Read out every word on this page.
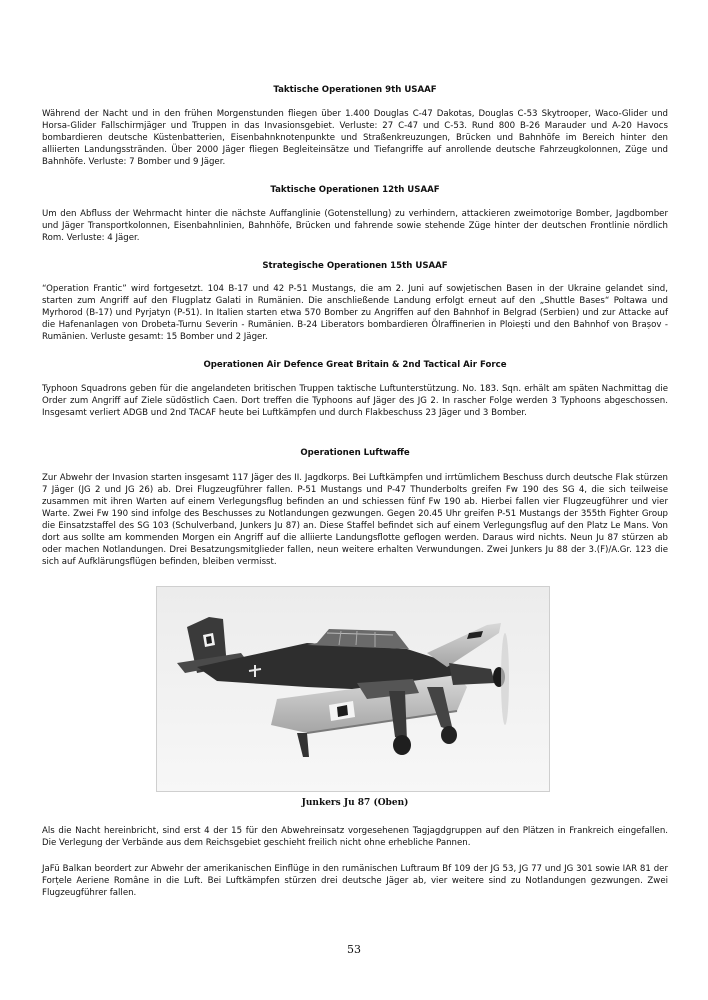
Taktische Operationen 9th USAAF

Während der Nacht und in den frühen Morgenstunden fliegen über 1.400 Douglas C-47 Dakotas, Douglas C-53 Skytrooper, Waco-Glider und Horsa-Glider Fallschirmjäger und Truppen in das Invasionsgebiet. Verluste: 27 C-47 und C-53. Rund 800 B-26 Marauder und A-20 Havocs bombardieren deutsche Küstenbatterien, Eisenbahnknotenpunkte und Straßenkreuzungen, Brücken und Bahnhöfe im Bereich hinter den alliierten Landungsstränden. Über 2000 Jäger fliegen Begleiteinsätze und Tiefangriffe auf anrollende deutsche Fahrzeugkolonnen, Züge und Bahnhöfe. Verluste: 7 Bomber und 9 Jäger.

Taktische Operationen 12th USAAF

Um den Abfluss der Wehrmacht hinter die nächste Auffanglinie (Gotenstellung) zu verhindern, attackieren zweimotorige Bomber, Jagdbomber und Jäger Transportkolonnen, Eisenbahnlinien, Bahnhöfe, Brücken und fahrende sowie stehende Züge hinter der deutschen Frontlinie nördlich Rom. Verluste: 4 Jäger.

Strategische Operationen 15th USAAF

“Operation Frantic” wird fortgesetzt. 104 B-17 und 42 P-51 Mustangs, die am 2. Juni auf sowjetischen Basen in der Ukraine gelandet sind, starten zum Angriff auf den Flugplatz Galati in Rumänien. Die anschließende Landung erfolgt erneut auf den „Shuttle Bases“ Poltawa und Myrhorod (B-17) und Pyrjatyn (P-51). In Italien starten etwa 570 Bomber zu Angriffen auf den Bahnhof in Belgrad (Serbien) und zur Attacke auf die Hafenanlagen von Drobeta-Turnu Severin - Rumänien. B-24 Liberators bombardieren Ölraffinerien in Ploiești und den Bahnhof von Brașov - Rumänien. Verluste gesamt: 15 Bomber und 2 Jäger.

Operationen Air Defence Great Britain & 2nd Tactical Air Force

Typhoon Squadrons geben für die angelandeten britischen Truppen taktische Luftunterstützung. No. 183. Sqn. erhält am späten Nachmittag die Order zum Angriff auf Ziele südöstlich Caen. Dort treffen die Typhoons auf Jäger des JG 2. In rascher Folge werden 3 Typhoons abgeschossen. Insgesamt verliert ADGB und 2nd TACAF heute bei Luftkämpfen und durch Flakbeschuss 23 Jäger und 3 Bomber.

Operationen Luftwaffe

Zur Abwehr der Invasion starten insgesamt 117 Jäger des II. Jagdkorps. Bei Luftkämpfen und irrtümlichem Beschuss durch deutsche Flak stürzen 7 Jäger (JG 2 und JG 26) ab. Drei Flugzeugführer fallen. P-51 Mustangs und P-47 Thunderbolts greifen Fw 190 des SG 4, die sich teilweise zusammen mit ihren Warten auf einem Verlegungsflug befinden an und schiessen fünf Fw 190 ab. Hierbei fallen vier Flugzeugführer und vier Warte. Zwei Fw 190 sind infolge des Beschusses zu Notlandungen gezwungen. Gegen 20.45 Uhr greifen P-51 Mustangs der 355th Fighter Group die Einsatzstaffel des SG 103 (Schulverband, Junkers Ju 87) an. Diese Staffel befindet sich auf einem Verlegungsflug auf den Platz Le Mans. Von dort aus sollte am kommenden Morgen ein Angriff auf die alliierte Landungsflotte geflogen werden. Daraus wird nichts. Neun Ju 87 stürzen ab oder machen Notlandungen. Drei Besatzungsmitglieder fallen, neun weitere erhalten Verwundungen. Zwei Junkers Ju 88 der 3.(F)/A.Gr. 123 die sich auf Aufklärungsflügen befinden, bleiben vermisst.

Junkers Ju 87 (Oben)

Als die Nacht hereinbricht, sind erst 4 der 15 für den Abwehreinsatz vorgesehenen Tagjagdgruppen auf den Plätzen in Frankreich eingefallen. Die Verlegung der Verbände aus dem Reichsgebiet geschieht freilich nicht ohne erhebliche Pannen.

JaFü Balkan beordert zur Abwehr der amerikanischen Einflüge in den rumänischen Luftraum Bf 109 der JG 53, JG 77 und JG 301 sowie IAR 81 der Forțele Aeriene Române in die Luft. Bei Luftkämpfen stürzen drei deutsche Jäger ab, vier weitere sind zu Notlandungen gezwungen. Zwei Flugzeugführer fallen.

53
